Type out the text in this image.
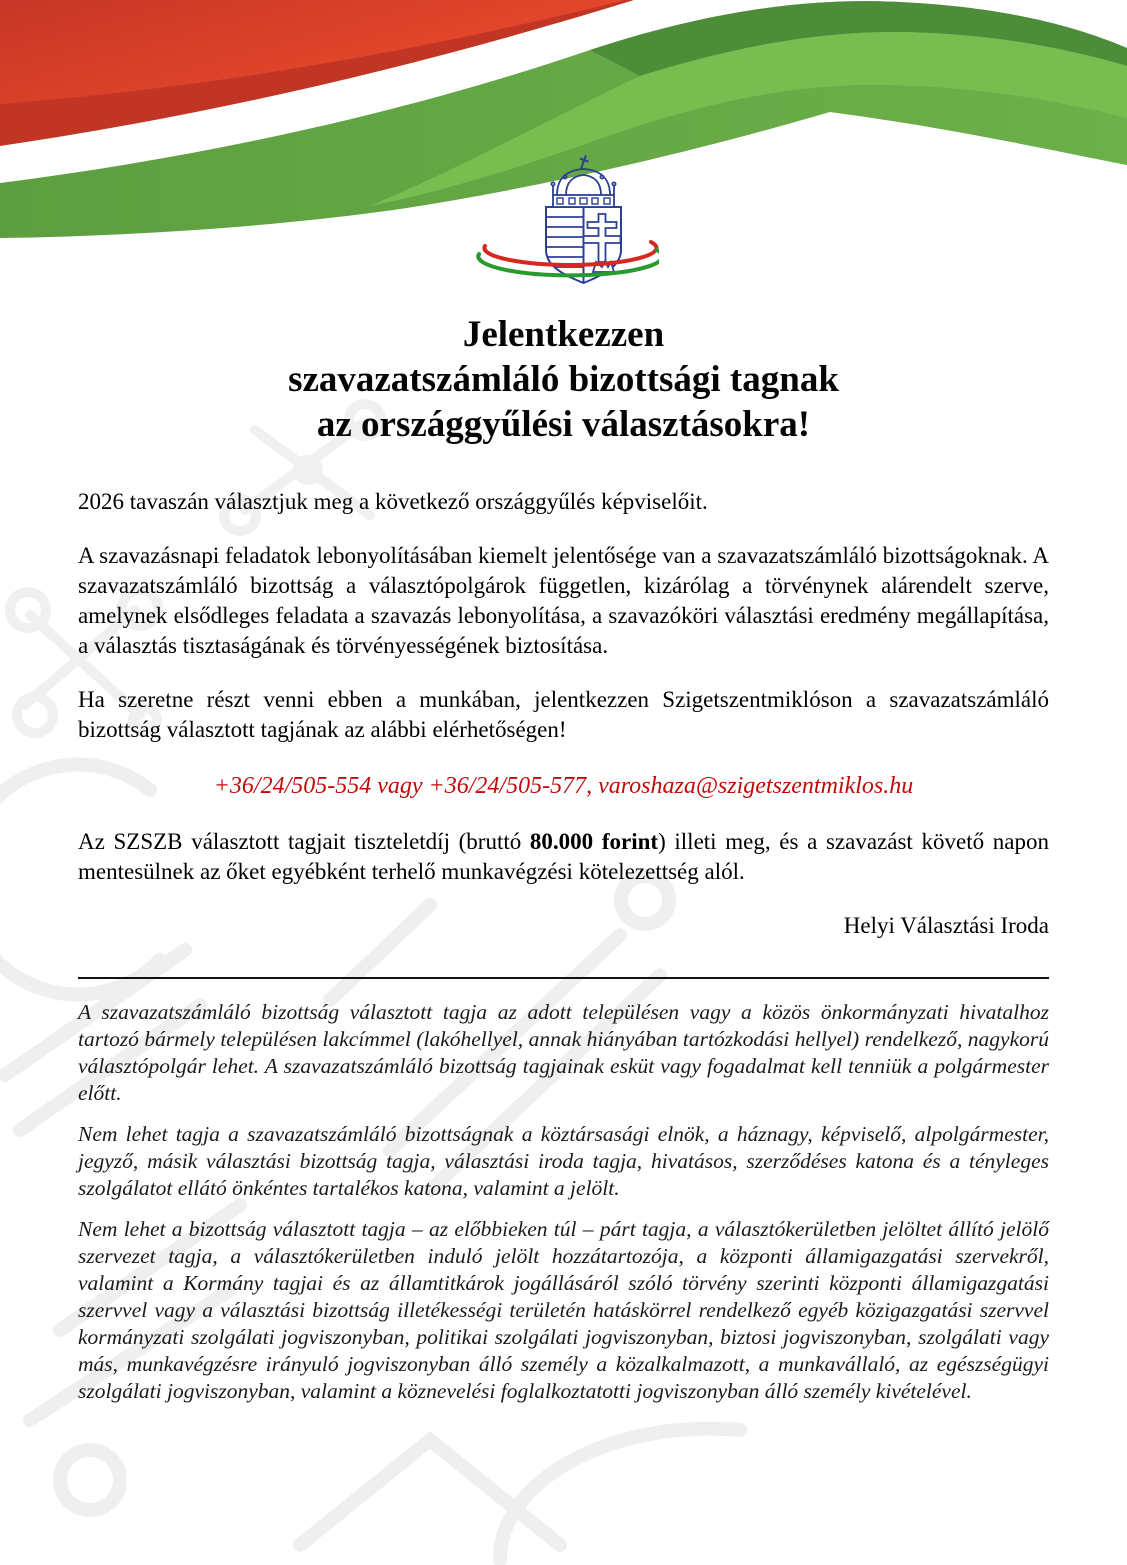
Jelentkezzen
szavazatszámláló bizottsági tagnak
az országgyűlési választásokra!

2026 tavaszán választjuk meg a következő országgyűlés képviselőit.

A szavazásnapi feladatok lebonyolításában kiemelt jelentősége van a szavazatszámláló bizottságoknak. A szavazatszámláló bizottság a választópolgárok független, kizárólag a törvénynek alárendelt szerve, amelynek elsődleges feladata a szavazás lebonyolítása, a szavazóköri választási eredmény megállapítása, a választás tisztaságának és törvényességének biztosítása.

Ha szeretne részt venni ebben a munkában, jelentkezzen Szigetszentmiklóson a szavazatszámláló bizottság választott tagjának az alábbi elérhetőségen!

+36/24/505-554 vagy +36/24/505-577, varoshaza@szigetszentmiklos.hu

Az SZSZB választott tagjait tiszteletdíj (bruttó 80.000 forint) illeti meg, és a szavazást követő napon mentesülnek az őket egyébként terhelő munkavégzési kötelezettség alól.

Helyi Választási Iroda

A szavazatszámláló bizottság választott tagja az adott településen vagy a közös önkormányzati hivatalhoz tartozó bármely településen lakcímmel (lakóhellyel, annak hiányában tartózkodási hellyel) rendelkező, nagykorú választópolgár lehet. A szavazatszámláló bizottság tagjainak esküt vagy fogadalmat kell tenniük a polgármester előtt.

Nem lehet tagja a szavazatszámláló bizottságnak a köztársasági elnök, a háznagy, képviselő, alpolgármester, jegyző, másik választási bizottság tagja, választási iroda tagja, hivatásos, szerződéses katona és a tényleges szolgálatot ellátó önkéntes tartalékos katona, valamint a jelölt.

Nem lehet a bizottság választott tagja – az előbbieken túl – párt tagja, a választókerületben jelöltet állító jelölő szervezet tagja, a választókerületben induló jelölt hozzátartozója, a központi államigazgatási szervekről, valamint a Kormány tagjai és az államtitkárok jogállásáról szóló törvény szerinti központi államigazgatási szervvel vagy a választási bizottság illetékességi területén hatáskörrel rendelkező egyéb közigazgatási szervvel kormányzati szolgálati jogviszonyban, politikai szolgálati jogviszonyban, biztosi jogviszonyban, szolgálati vagy más, munkavégzésre irányuló jogviszonyban álló személy a közalkalmazott, a munkavállaló, az egészségügyi szolgálati jogviszonyban, valamint a köznevelési foglalkoztatotti jogviszonyban álló személy kivételével.
